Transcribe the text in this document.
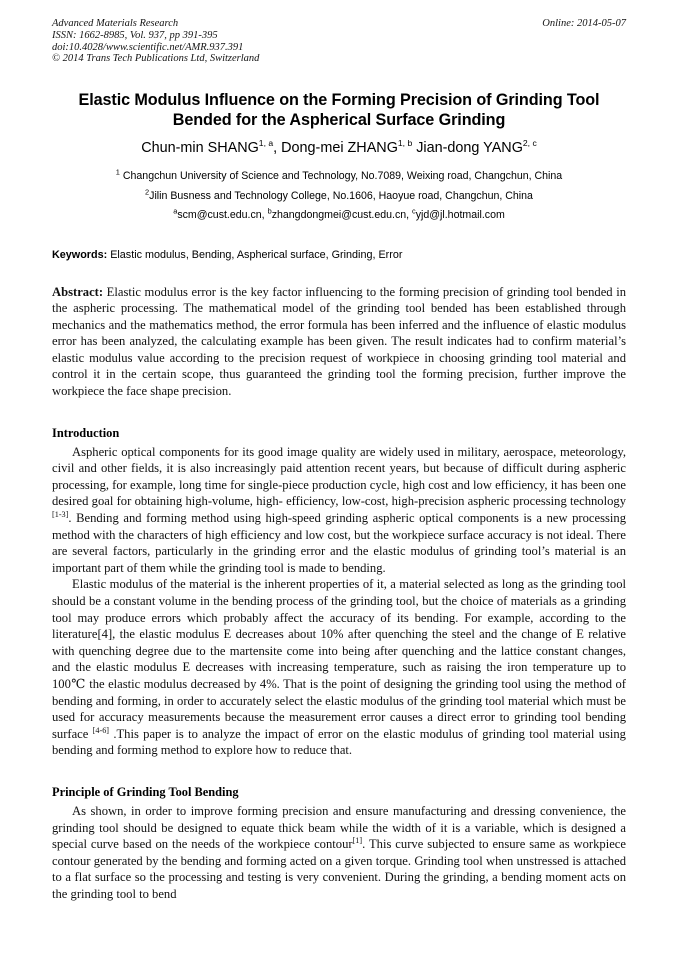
Advanced Materials Research
ISSN: 1662-8985, Vol. 937, pp 391-395
doi:10.4028/www.scientific.net/AMR.937.391
© 2014 Trans Tech Publications Ltd, Switzerland
Online: 2014-05-07
Elastic Modulus Influence on the Forming Precision of Grinding Tool
Bended for the Aspherical Surface Grinding
Chun-min SHANG$^{1, a}$, Dong-mei ZHANG$^{1, b}$ Jian-dong YANG$^{2, c}$
$^1$ Changchun University of Science and Technology, No.7089, Weixing road, Changchun, China
$^2$Jilin Busness and Technology College, No.1606, Haoyue road, Changchun, China
$^a$scm@cust.edu.cn, $^b$zhangdongmei@cust.edu.cn, $^c$yjd@jl.hotmail.com
Keywords: Elastic modulus, Bending, Aspherical surface, Grinding, Error
Abstract: Elastic modulus error is the key factor influencing to the forming precision of grinding tool bended in the aspheric processing. The mathematical model of the grinding tool bended has been established through mechanics and the mathematics method, the error formula has been inferred and the influence of elastic modulus error has been analyzed, the calculating example has been given. The result indicates had to confirm material’s elastic modulus value according to the precision request of workpiece in choosing grinding tool material and control it in the certain scope, thus guaranteed the grinding tool the forming precision, further improve the workpiece the face shape precision.
Introduction

Aspheric optical components for its good image quality are widely used in military, aerospace, meteorology, civil and other fields, it is also increasingly paid attention recent years, but because of difficult during aspheric processing, for example, long time for single-piece production cycle, high cost and low efficiency, it has been one desired goal for obtaining high-volume, high- efficiency, low-cost, high-precision aspheric processing technology [1-3]. Bending and forming method using high-speed grinding aspheric optical components is a new processing method with the characters of high efficiency and low cost, but the workpiece surface accuracy is not ideal. There are several factors, particularly in the grinding error and the elastic modulus of grinding tool’s material is an important part of them while the grinding tool is made to bending.

Elastic modulus of the material is the inherent properties of it, a material selected as long as the grinding tool should be a constant volume in the bending process of the grinding tool, but the choice of materials as a grinding tool may produce errors which probably affect the accuracy of its bending. For example, according to the literature[4], the elastic modulus E decreases about 10% after quenching the steel and the change of E relative with quenching degree due to the martensite come into being after quenching and the lattice constant changes, and the elastic modulus E decreases with increasing temperature, such as raising the iron temperature up to 100℃ the elastic modulus decreased by 4%. That is the point of designing the grinding tool using the method of bending and forming, in order to accurately select the elastic modulus of the grinding tool material which must be used for accuracy measurements because the measurement error causes a direct error to grinding tool bending surface [4-6] .This paper is to analyze the impact of error on the elastic modulus of grinding tool material using bending and forming method to explore how to reduce that.

Principle of Grinding Tool Bending

As shown, in order to improve forming precision and ensure manufacturing and dressing convenience, the grinding tool should be designed to equate thick beam while the width of it is a variable, which is designed a special curve based on the needs of the workpiece contour[1]. This curve subjected to ensure same as workpiece contour generated by the bending and forming acted on a given torque. Grinding tool when unstressed is attached to a flat surface so the processing and testing is very convenient. During the grinding, a bending moment acts on the grinding tool to bend
